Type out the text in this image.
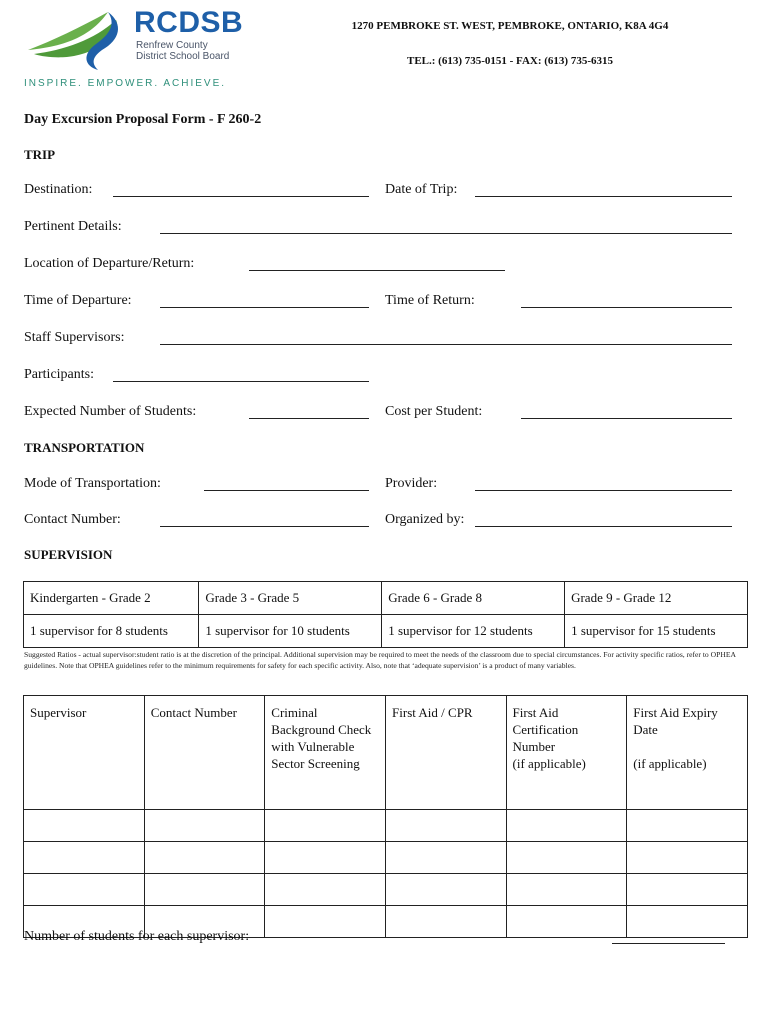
RCDSB
Renfrew County
District School Board
INSPIRE. EMPOWER. ACHIEVE.
1270 PEMBROKE ST. WEST, PEMBROKE, ONTARIO, K8A 4G4
TEL.: (613) 735-0151 - FAX: (613) 735-6315
Day Excursion Proposal Form - F 260-2
TRIP
Destination:	Date of Trip:
Pertinent Details:
Location of Departure/Return:
Time of Departure:	Time of Return:
Staff Supervisors:
Participants:
Expected Number of Students:	Cost per Student:
TRANSPORTATION
Mode of Transportation:	Provider:
Contact Number:	Organized by:
SUPERVISION
Kindergarten - Grade 2	Grade 3 - Grade 5	Grade 6 - Grade 8	Grade 9 - Grade 12
1 supervisor for 8 students	1 supervisor for 10 students	1 supervisor for 12 students	1 supervisor for 15 students
Suggested Ratios - actual supervisor:student ratio is at the discretion of the principal. Additional supervision may be required to meet the needs of the classroom due to special circumstances. For activity specific ratios, refer to OPHEA guidelines. Note that OPHEA guidelines refer to the minimum requirements for safety for each specific activity. Also, note that ‘adequate supervision’ is a product of many variables.
Supervisor	Contact Number	Criminal
Background Check
with Vulnerable
Sector Screening	First Aid / CPR	First Aid
Certification
Number
(if applicable)	First Aid Expiry
Date

(if applicable)

Number of students for each supervisor:
